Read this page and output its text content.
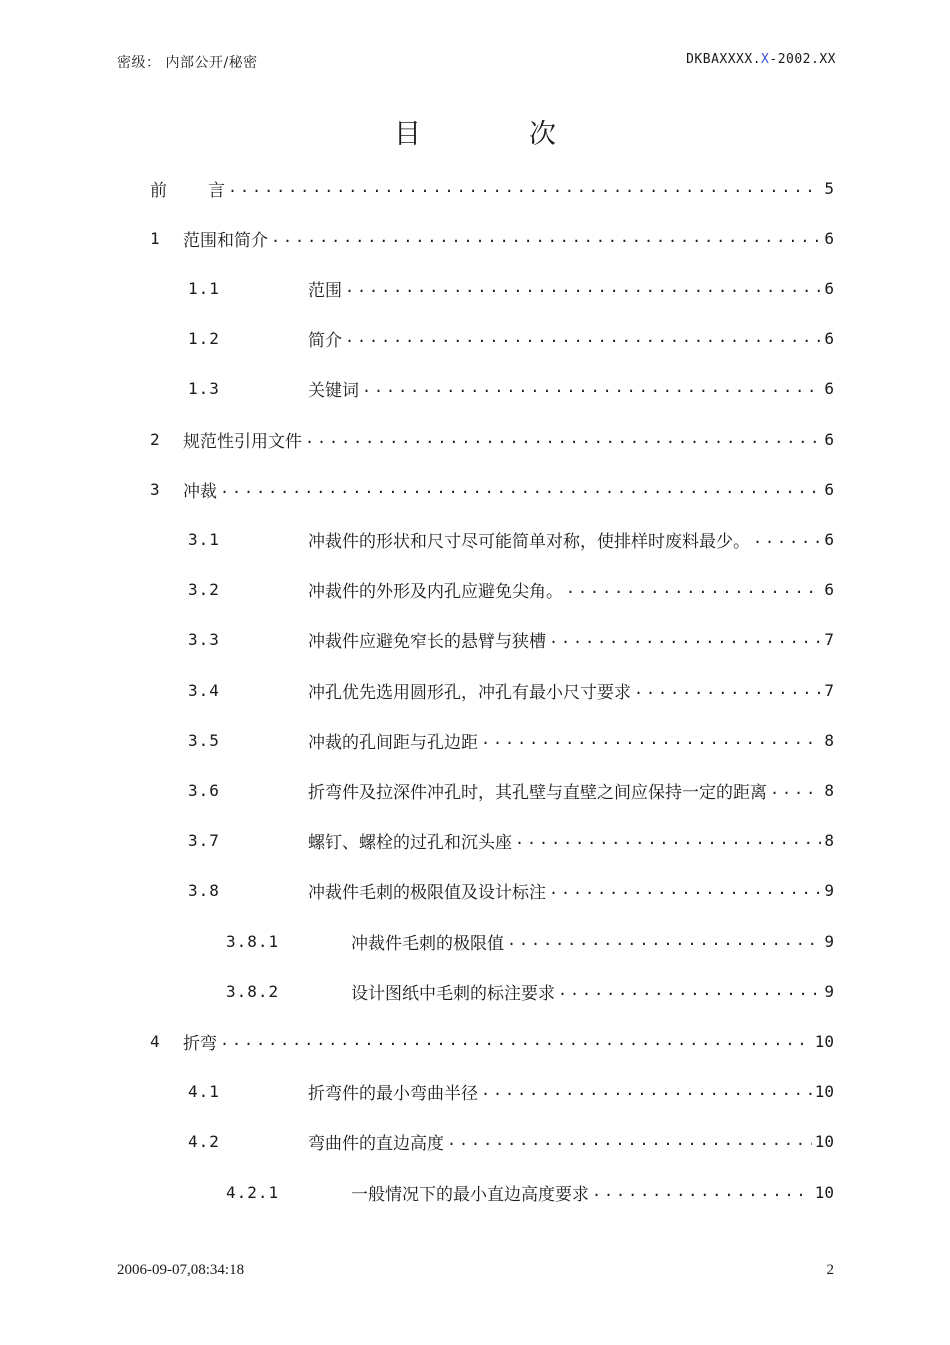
密级： 内部公开/秘密	DKBAXXXX.X-2002.XX
目	次
前 言 .....	5
1 范围和简介 .....	6
1.1	范围 .....	6
1.2	简介 .....	6
1.3	关键词 .....	6
2 规范性引用文件 .....	6
3 冲裁 .....	6
3.1	冲裁件的形状和尺寸尽可能简单对称，使排样时废料最少。 .....	6
3.2	冲裁件的外形及内孔应避免尖角。 .....	6
3.3	冲裁件应避免窄长的悬臂与狭槽 .....	7
3.4	冲孔优先选用圆形孔，冲孔有最小尺寸要求 .....	7
3.5	冲裁的孔间距与孔边距 .....	8
3.6	折弯件及拉深件冲孔时，其孔壁与直壁之间应保持一定的距离 .....	8
3.7	螺钉、螺栓的过孔和沉头座 .....	8
3.8	冲裁件毛刺的极限值及设计标注 .....	9
3.8.1	冲裁件毛刺的极限值 .....	9
3.8.2	设计图纸中毛刺的标注要求 .....	9
4 折弯 .....	10
4.1	折弯件的最小弯曲半径 .....	10
4.2	弯曲件的直边高度 .....	10
4.2.1	一般情况下的最小直边高度要求 .....	10
2006-09-07,08:34:18	2
